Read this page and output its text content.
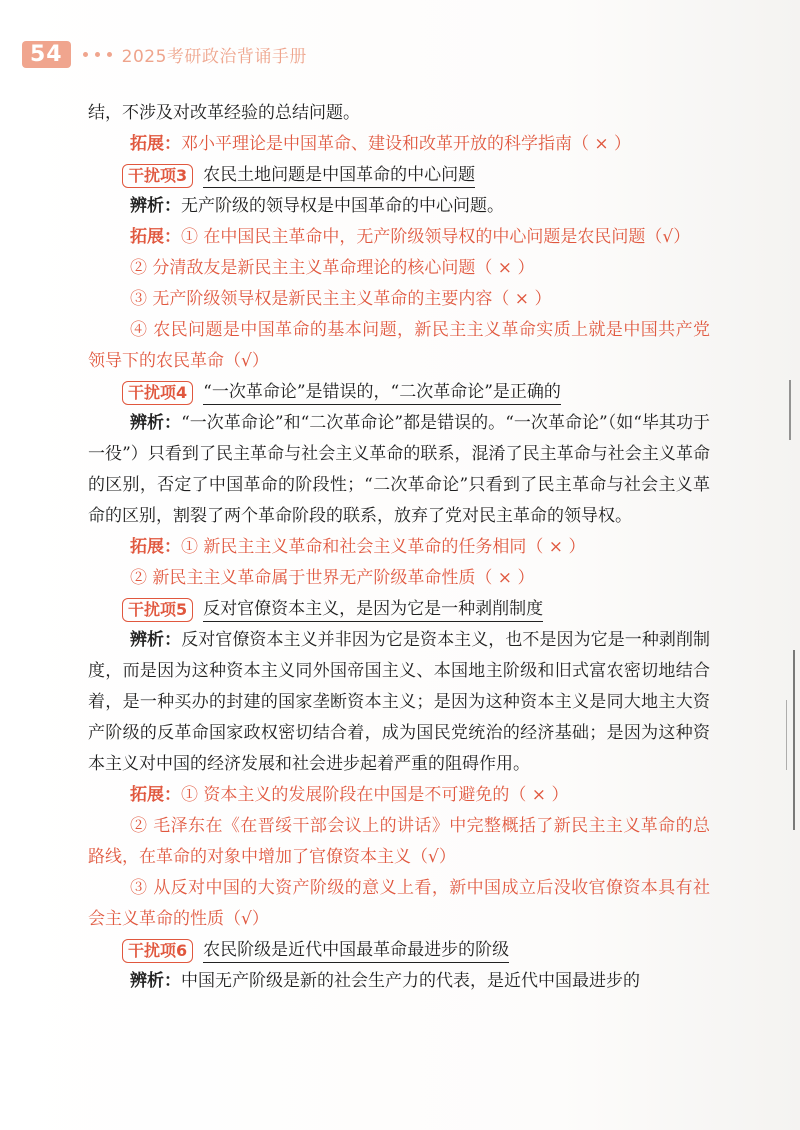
54	2025考研政治背诵手册

结，不涉及对改革经验的总结问题。

拓展：邓小平理论是中国革命、建设和改革开放的科学指南（ × ）

干扰项3 农民土地问题是中国革命的中心问题

辨析：无产阶级的领导权是中国革命的中心问题。

拓展：① 在中国民主革命中，无产阶级领导权的中心问题是农民问题（√）

② 分清敌友是新民主主义革命理论的核心问题（ × ）

③ 无产阶级领导权是新民主主义革命的主要内容（ × ）

④ 农民问题是中国革命的基本问题，新民主主义革命实质上就是中国共产党领导下的农民革命（√）

干扰项4 “一次革命论”是错误的，“二次革命论”是正确的

辨析：“一次革命论”和“二次革命论”都是错误的。“一次革命论”（如“毕其功于一役”）只看到了民主革命与社会主义革命的联系，混淆了民主革命与社会主义革命的区别，否定了中国革命的阶段性；“二次革命论”只看到了民主革命与社会主义革命的区别，割裂了两个革命阶段的联系，放弃了党对民主革命的领导权。

拓展：① 新民主主义革命和社会主义革命的任务相同（ × ）

② 新民主主义革命属于世界无产阶级革命性质（ × ）

干扰项5 反对官僚资本主义，是因为它是一种剥削制度

辨析：反对官僚资本主义并非因为它是资本主义，也不是因为它是一种剥削制度，而是因为这种资本主义同外国帝国主义、本国地主阶级和旧式富农密切地结合着，是一种买办的封建的国家垄断资本主义；是因为这种资本主义是同大地主大资产阶级的反革命国家政权密切结合着，成为国民党统治的经济基础；是因为这种资本主义对中国的经济发展和社会进步起着严重的阻碍作用。

拓展：① 资本主义的发展阶段在中国是不可避免的（ × ）

② 毛泽东在《在晋绥干部会议上的讲话》中完整概括了新民主主义革命的总路线，在革命的对象中增加了官僚资本主义（√）

③ 从反对中国的大资产阶级的意义上看，新中国成立后没收官僚资本具有社会主义革命的性质（√）

干扰项6 农民阶级是近代中国最革命最进步的阶级

辨析：中国无产阶级是新的社会生产力的代表，是近代中国最进步的
